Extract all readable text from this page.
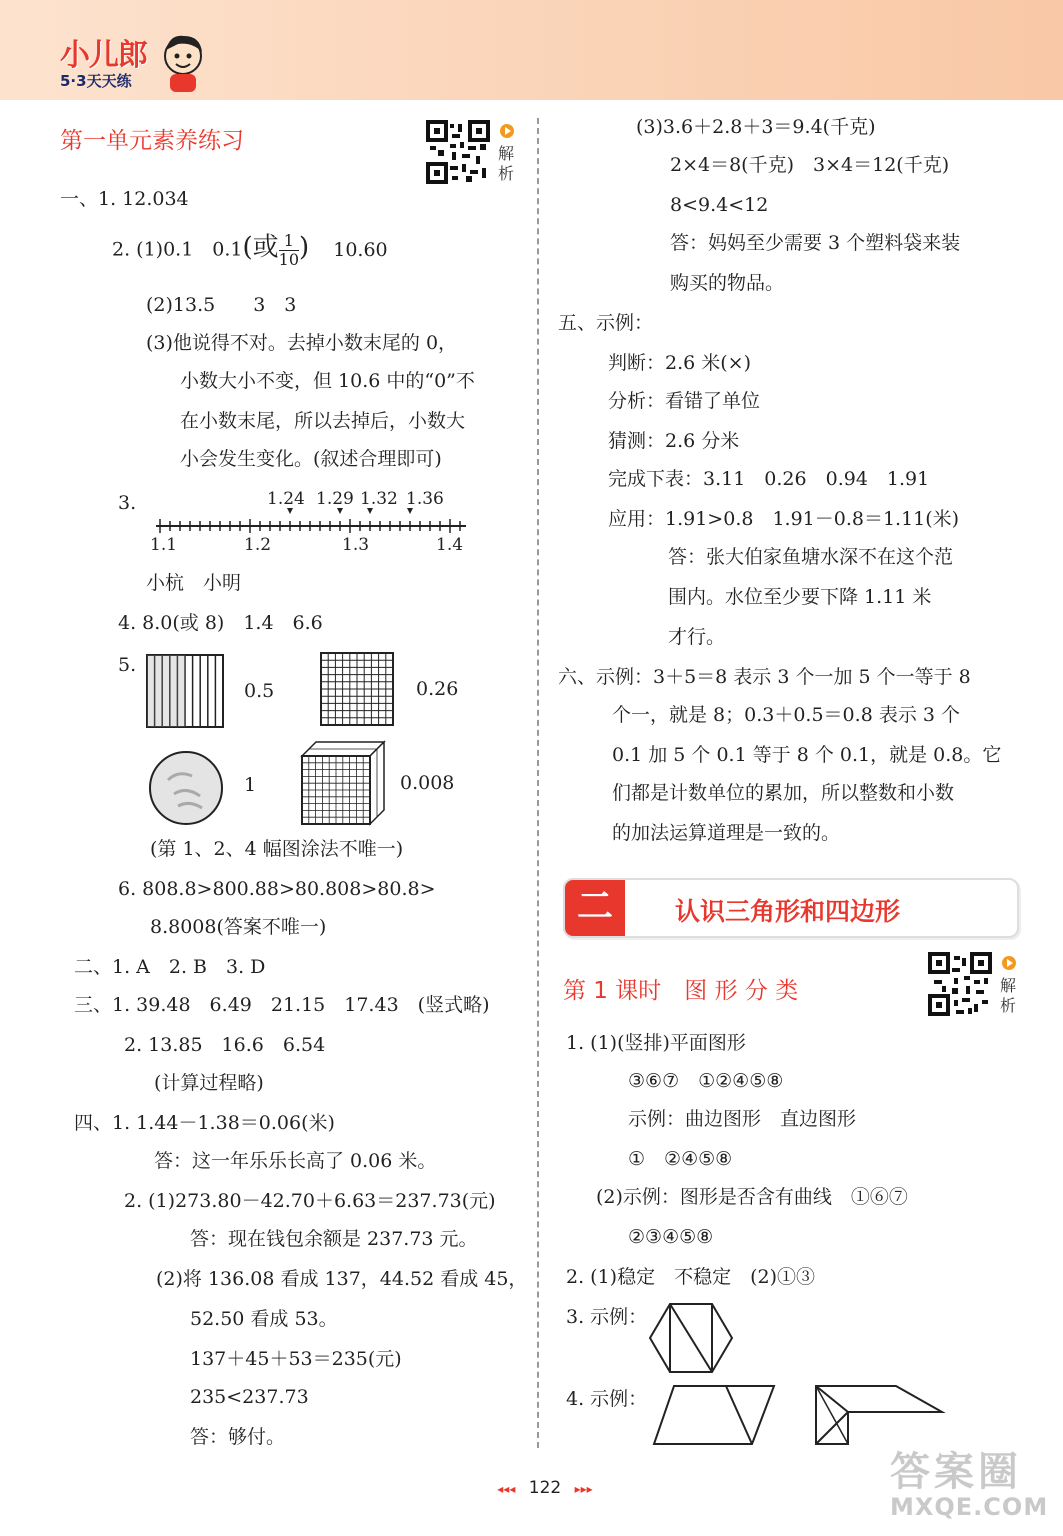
小儿郎
5·3天天练
第一单元素养练习	解析
一、1. 12.034
2. (1)0.1　0.1(或 $\frac{1}{10}$ ) 10.60
(2)13.5　　3　3
(3)他说得不对。去掉小数末尾的 0，
小数大小不变，但 10.6 中的“0”不
在小数末尾，所以去掉后，小数大
小会发生变化。(叙述合理即可)
3.	1.24 1.29 1.32 1.36
1.1	1.2	1.3	1.4
小杭　小明
4. 8.0(或 8)　1.4　6.6
5.
0.5	0.26
1	0.008
(第 1、2、4 幅图涂法不唯一)
6. 808.8>800.88>80.808>80.8>
8.8008(答案不唯一)
二、1. A　2. B　3. D
三、1. 39.48　6.49　21.15　17.43　(竖式略)
2. 13.85　16.6　6.54
(计算过程略)
四、1. 1.44－1.38＝0.06(米)
答：这一年乐乐长高了 0.06 米。
2. (1)273.80－42.70＋6.63＝237.73(元)
答：现在钱包余额是 237.73 元。
(2)将 136.08 看成 137，44.52 看成 45，
52.50 看成 53。
137＋45＋53＝235(元)
235<237.73
答：够付。
(3)3.6＋2.8＋3＝9.4(千克)
2×4＝8(千克)　3×4＝12(千克)
8<9.4<12
答：妈妈至少需要 3 个塑料袋来装
购买的物品。
五、示例：
判断：2.6 米(×)
分析：看错了单位
猜测：2.6 分米
完成下表：3.11　0.26　0.94　1.91
应用：1.91>0.8　1.91－0.8＝1.11(米)
答：张大伯家鱼塘水深不在这个范
围内。水位至少要下降 1.11 米
才行。
六、示例：3＋5＝8 表示 3 个一加 5 个一等于 8
个一，就是 8；0.3＋0.5＝0.8 表示 3 个
0.1 加 5 个 0.1 等于 8 个 0.1，就是 0.8。它
们都是计数单位的累加，所以整数和小数
的加法运算道理是一致的。
二	认识三角形和四边形
第 1 课时　图 形 分 类	解析
1. (1)(竖排)平面图形
③⑥⑦　①②④⑤⑧
示例：曲边图形　直边图形
①　②④⑤⑧
(2)示例：图形是否含有曲线　①⑥⑦
②③④⑤⑧
2. (1)稳定　不稳定　(2)①③
3. 示例：
4. 示例：
◂◂◂ 122 ▸▸▸	答案圈
MXQE.COM
